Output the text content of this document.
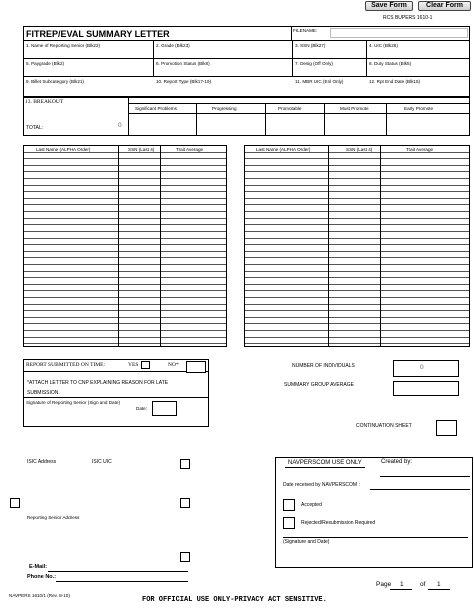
Save Form	Clear Form
RCS BUPERS 1610-1
FITREP/EVAL SUMMARY LETTER	FILENAME:
1. Name of Reporting Senior (Blk22)	2. Grade (Blk23)	3. SSN (Blk27)	4. UIC (Blk26)
5. Paygrade (Blk2)	6. Promotion Status (Blk8)	7. Desig (Off Only)	8. Duty Status (Blk5)
9. Billet Subcategory (Blk21)	10. Report Type (Blk17-19)	11. MBR UIC (Enl Only)	12. Rpt End Date (Blk15)
13. BREAKOUT
Significant Problems	Progressing	Promotable	Must Promote	Early Promote
TOTAL:	0
Last Name (ALPHA Order)	SSN (Last 4)	Trait Average	Last Name (ALPHA Order)	SSN (Last 4)	Trait Average
REPORT SUBMITTED ON TIME:	YES	NO*
*ATTACH LETTER TO CNP EXPLAINING REASON FOR LATE
SUBMISSION.
Signature of Reporting Senior (Sign and Date)
Date:
NUMBER OF INDIVIDUALS	0
SUMMARY GROUP AVERAGE
CONTINUATION SHEET
ISIC Address	ISIC UIC
Reporting Senior Address
E-Mail:
Phone No.:
NAVPERSCOM USE ONLY	Created by:
Date received by NAVPERSCOM :
Accepted
Rejected/Resubmission Required
(Signature and Date)
Page 1	of 1
NAVPERS 1610/1 (Rev. 8-10)
FOR OFFICIAL USE ONLY-PRIVACY ACT SENSITIVE.
